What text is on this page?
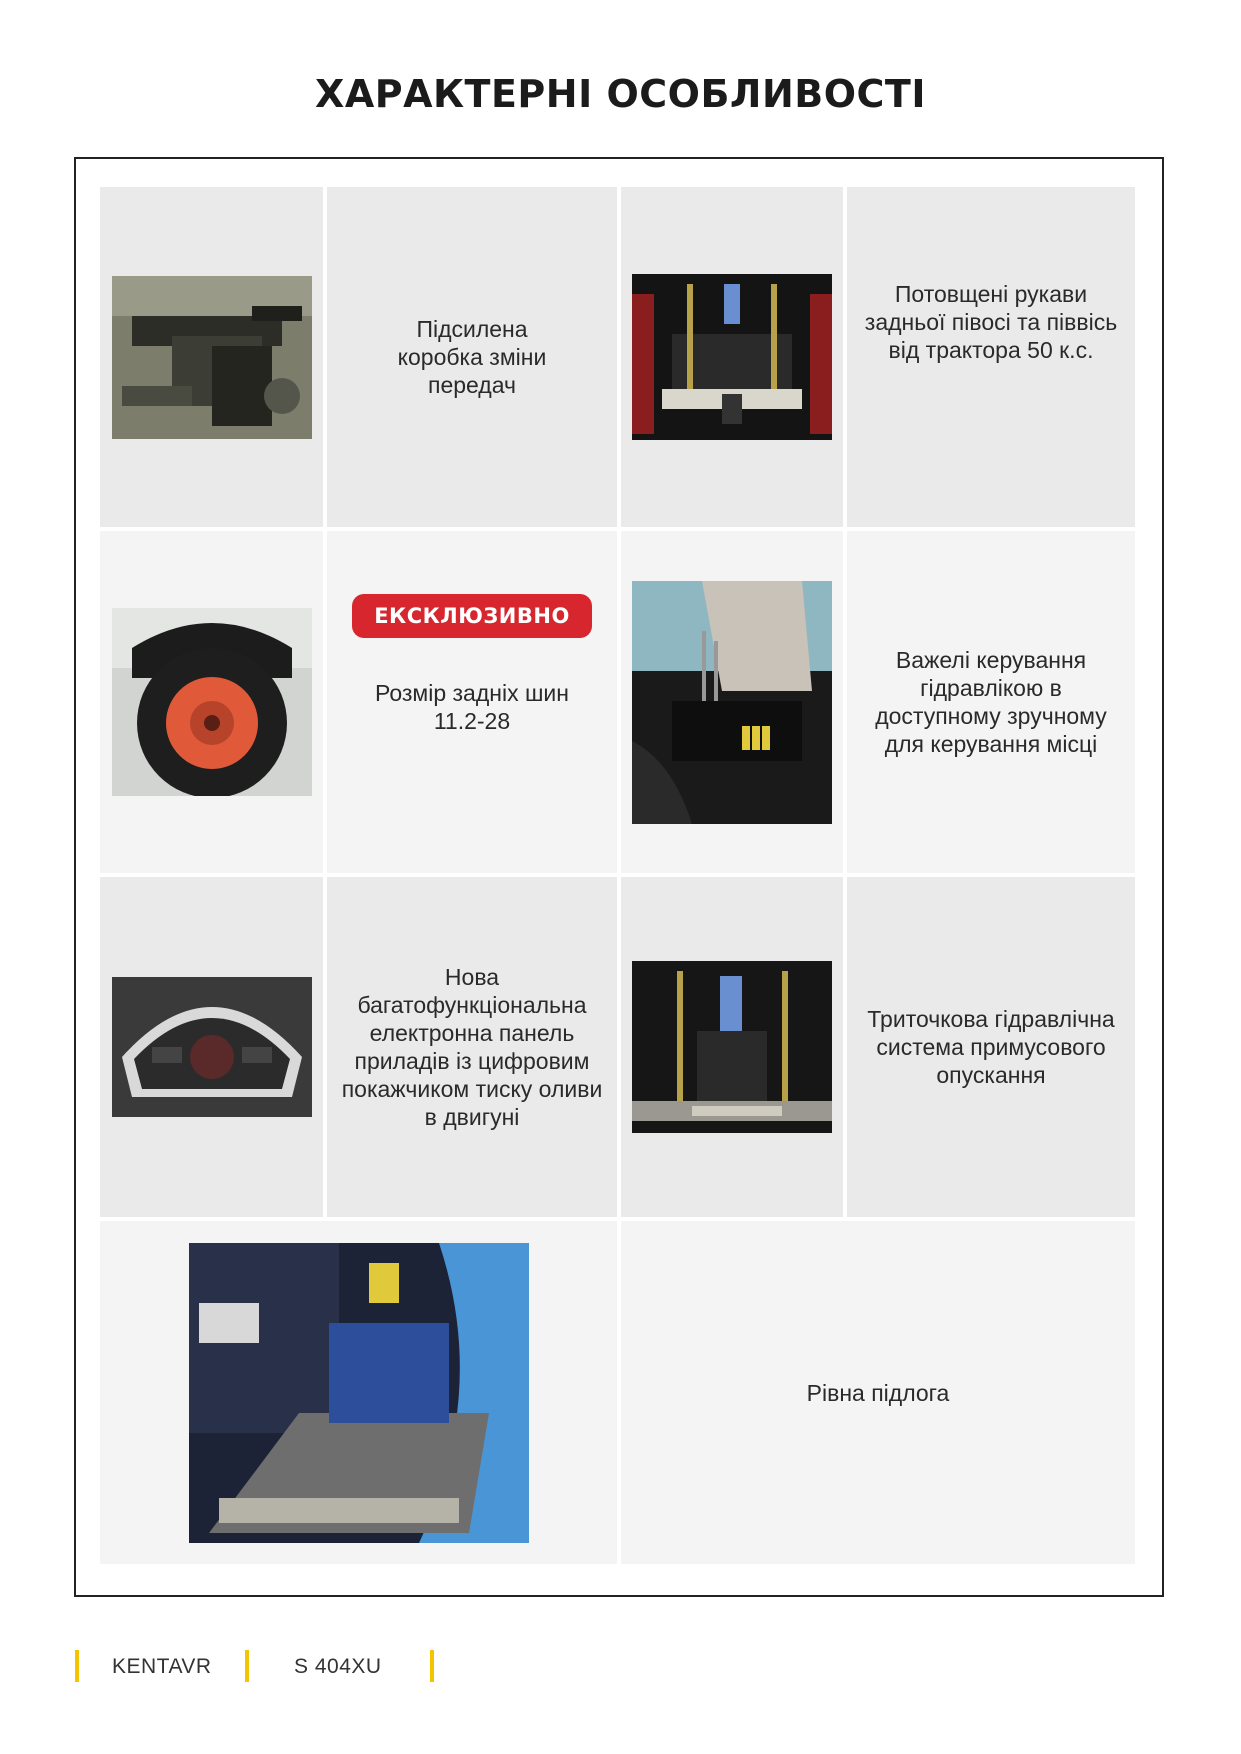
ХАРАКТЕРНІ ОСОБЛИВОСТІ
Підсилена коробка зміни передач
Потовщені рукави задньої півосі та піввісь від трактора 50 к.с.
Розмір задніх шин 11.2-28
ЕКСКЛЮЗИВНО
Важелі керування гідравлікою в доступному зручному для керування місці
Нова багатофункціональна електронна панель приладів із цифровим покажчиком тиску оливи в двигуні
Триточкова гідравлічна система примусового опускання
Рівна підлога
KENTAVR	S 404XU
